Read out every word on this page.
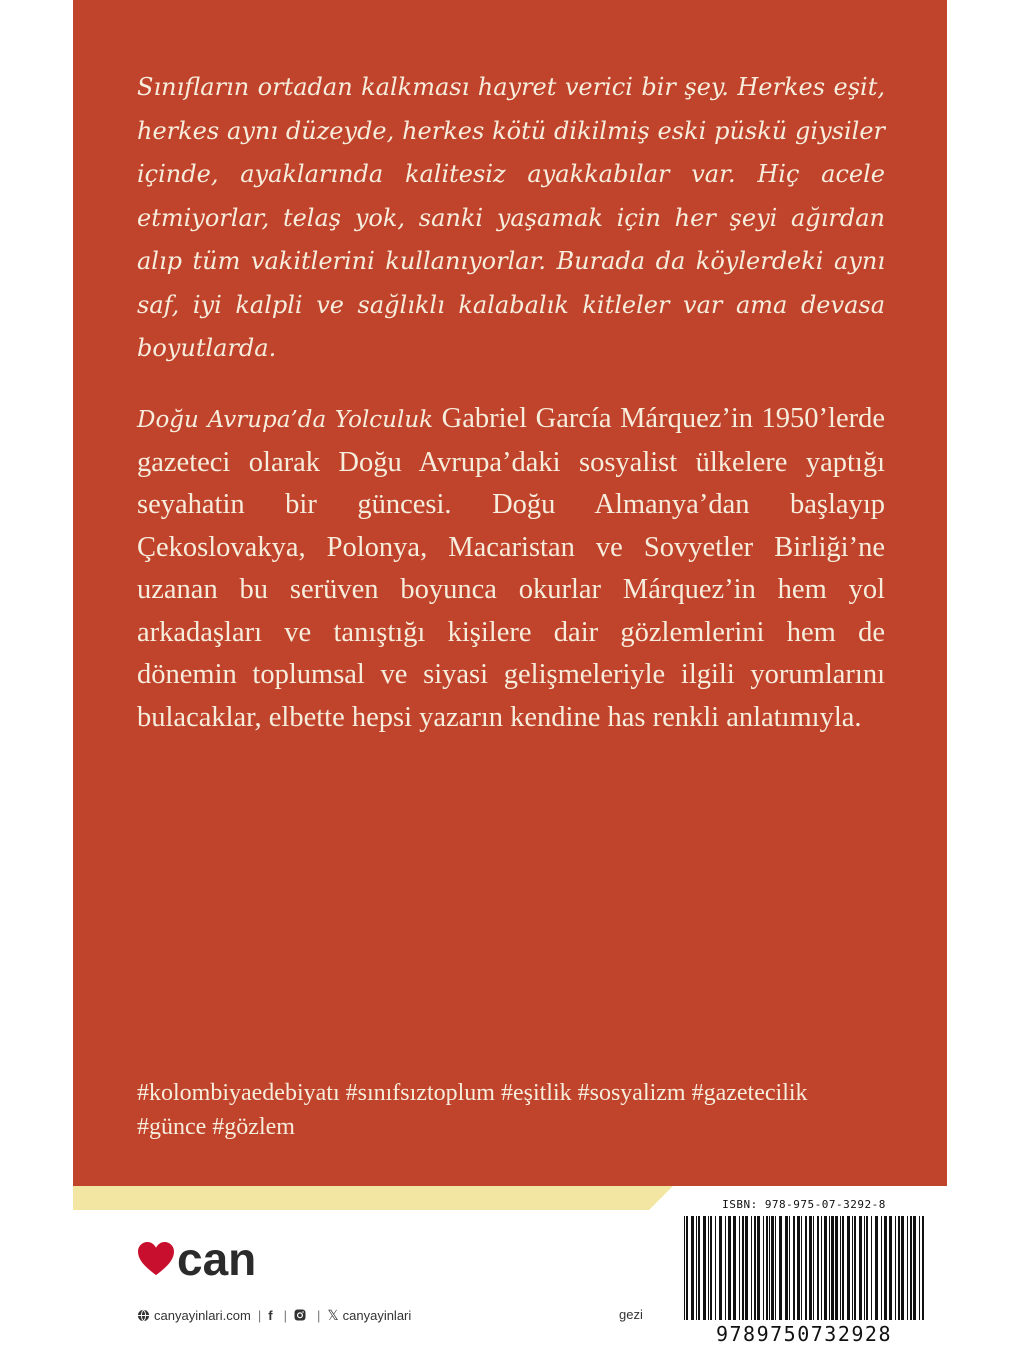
Sınıfların ortadan kalkması hayret verici bir şey. Herkes eşit, herkes aynı düzeyde, herkes kötü dikilmiş eski püskü giysiler içinde, ayaklarında kalitesiz ayakkabılar var. Hiç acele etmiyorlar, telaş yok, sanki yaşamak için her şeyi ağırdan alıp tüm vakitlerini kullanıyorlar. Burada da köylerdeki aynı saf, iyi kalpli ve sağlıklı kalabalık kitleler var ama devasa boyutlarda.

Doğu Avrupa’da Yolculuk Gabriel García Márquez’in 1950’lerde gazeteci olarak Doğu Avrupa’daki sosyalist ülkelere yaptığı seyahatin bir güncesi. Doğu Almanya’dan başlayıp Çekoslovakya, Polonya, Macaristan ve Sovyetler Birliği’ne uzanan bu serüven boyunca okurlar Márquez’in hem yol arkadaşları ve tanıştığı kişilere dair gözlemlerini hem de dönemin toplumsal ve siyasi gelişmeleriyle ilgili yorumlarını bulacaklar, elbette hepsi yazarın kendine has renkli anlatımıyla.

#kolombiyaedebiyatı #sınıfsıztoplum #eşitlik #sosyalizm #gazetecilik
#günce #gözlem
can
canyayinlari.com | f | | 𝕏 canyayinlari	gezi
ISBN: 978-975-07-3292-8
9789750732928
